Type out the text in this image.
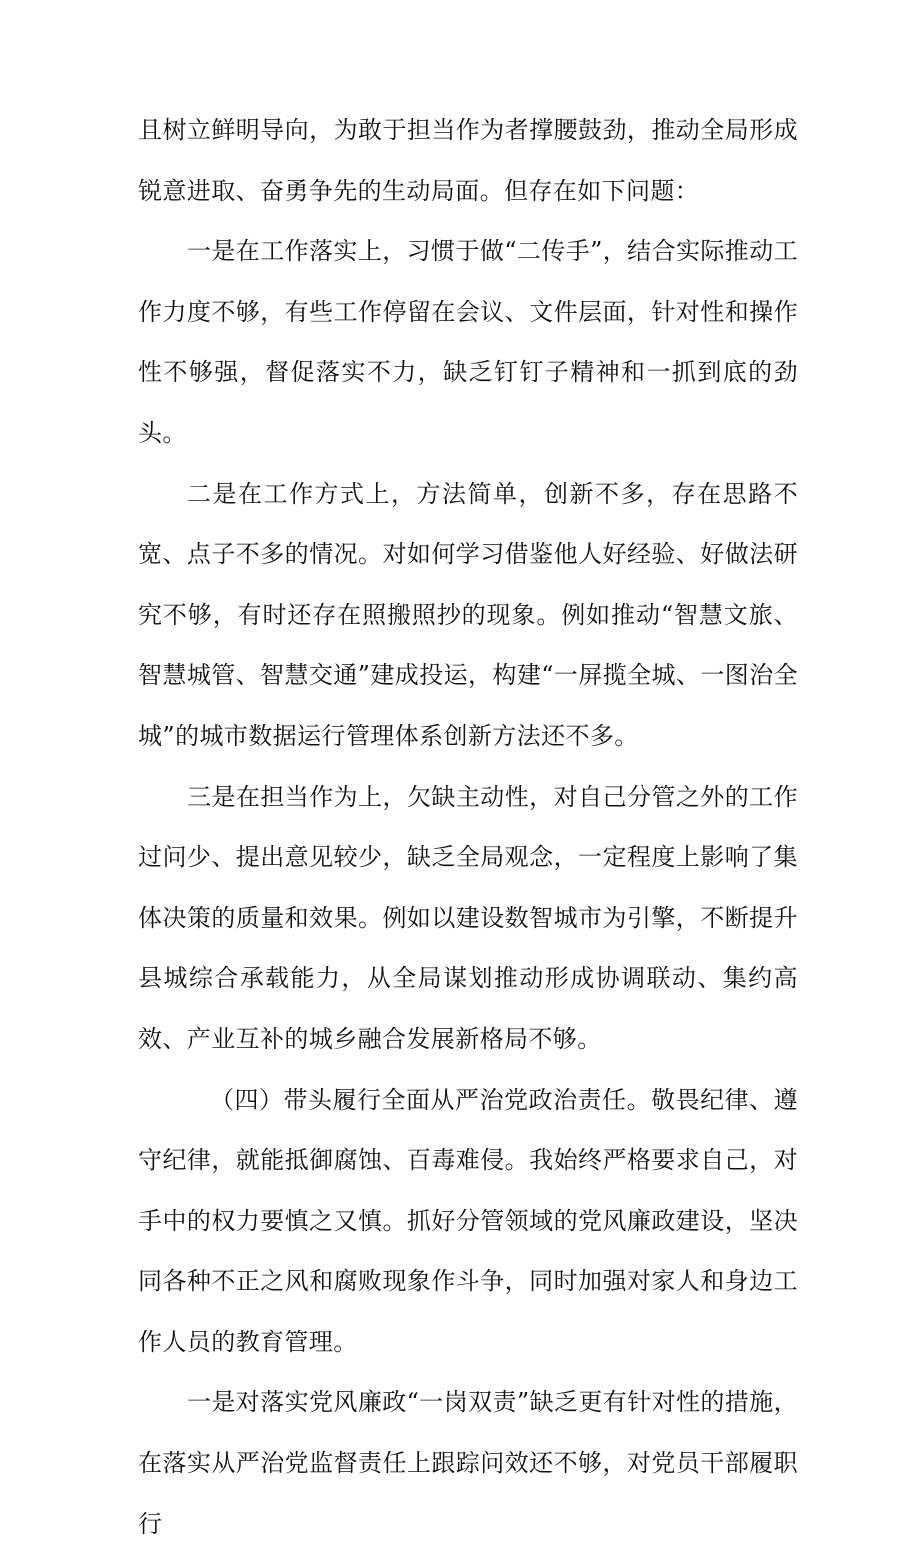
且树立鲜明导向，为敢于担当作为者撑腰鼓劲，推动全局形成锐意进取、奋勇争先的生动局面。但存在如下问题：

一是在工作落实上，习惯于做“二传手”，结合实际推动工作力度不够，有些工作停留在会议、文件层面，针对性和操作性不够强，督促落实不力，缺乏钉钉子精神和一抓到底的劲头。

二是在工作方式上，方法简单，创新不多，存在思路不宽、点子不多的情况。对如何学习借鉴他人好经验、好做法研究不够，有时还存在照搬照抄的现象。例如推动“智慧文旅、智慧城管、智慧交通”建成投运，构建“一屏揽全城、一图治全城”的城市数据运行管理体系创新方法还不多。

三是在担当作为上，欠缺主动性，对自己分管之外的工作过问少、提出意见较少，缺乏全局观念，一定程度上影响了集体决策的质量和效果。例如以建设数智城市为引擎，不断提升县城综合承载能力，从全局谋划推动形成协调联动、集约高效、产业互补的城乡融合发展新格局不够。

（四）带头履行全面从严治党政治责任。敬畏纪律、遵守纪律，就能抵御腐蚀、百毒难侵。我始终严格要求自己，对手中的权力要慎之又慎。抓好分管领域的党风廉政建设，坚决同各种不正之风和腐败现象作斗争，同时加强对家人和身边工作人员的教育管理。

一是对落实党风廉政“一岗双责”缺乏更有针对性的措施，在落实从严治党监督责任上跟踪问效还不够，对党员干部履职行
